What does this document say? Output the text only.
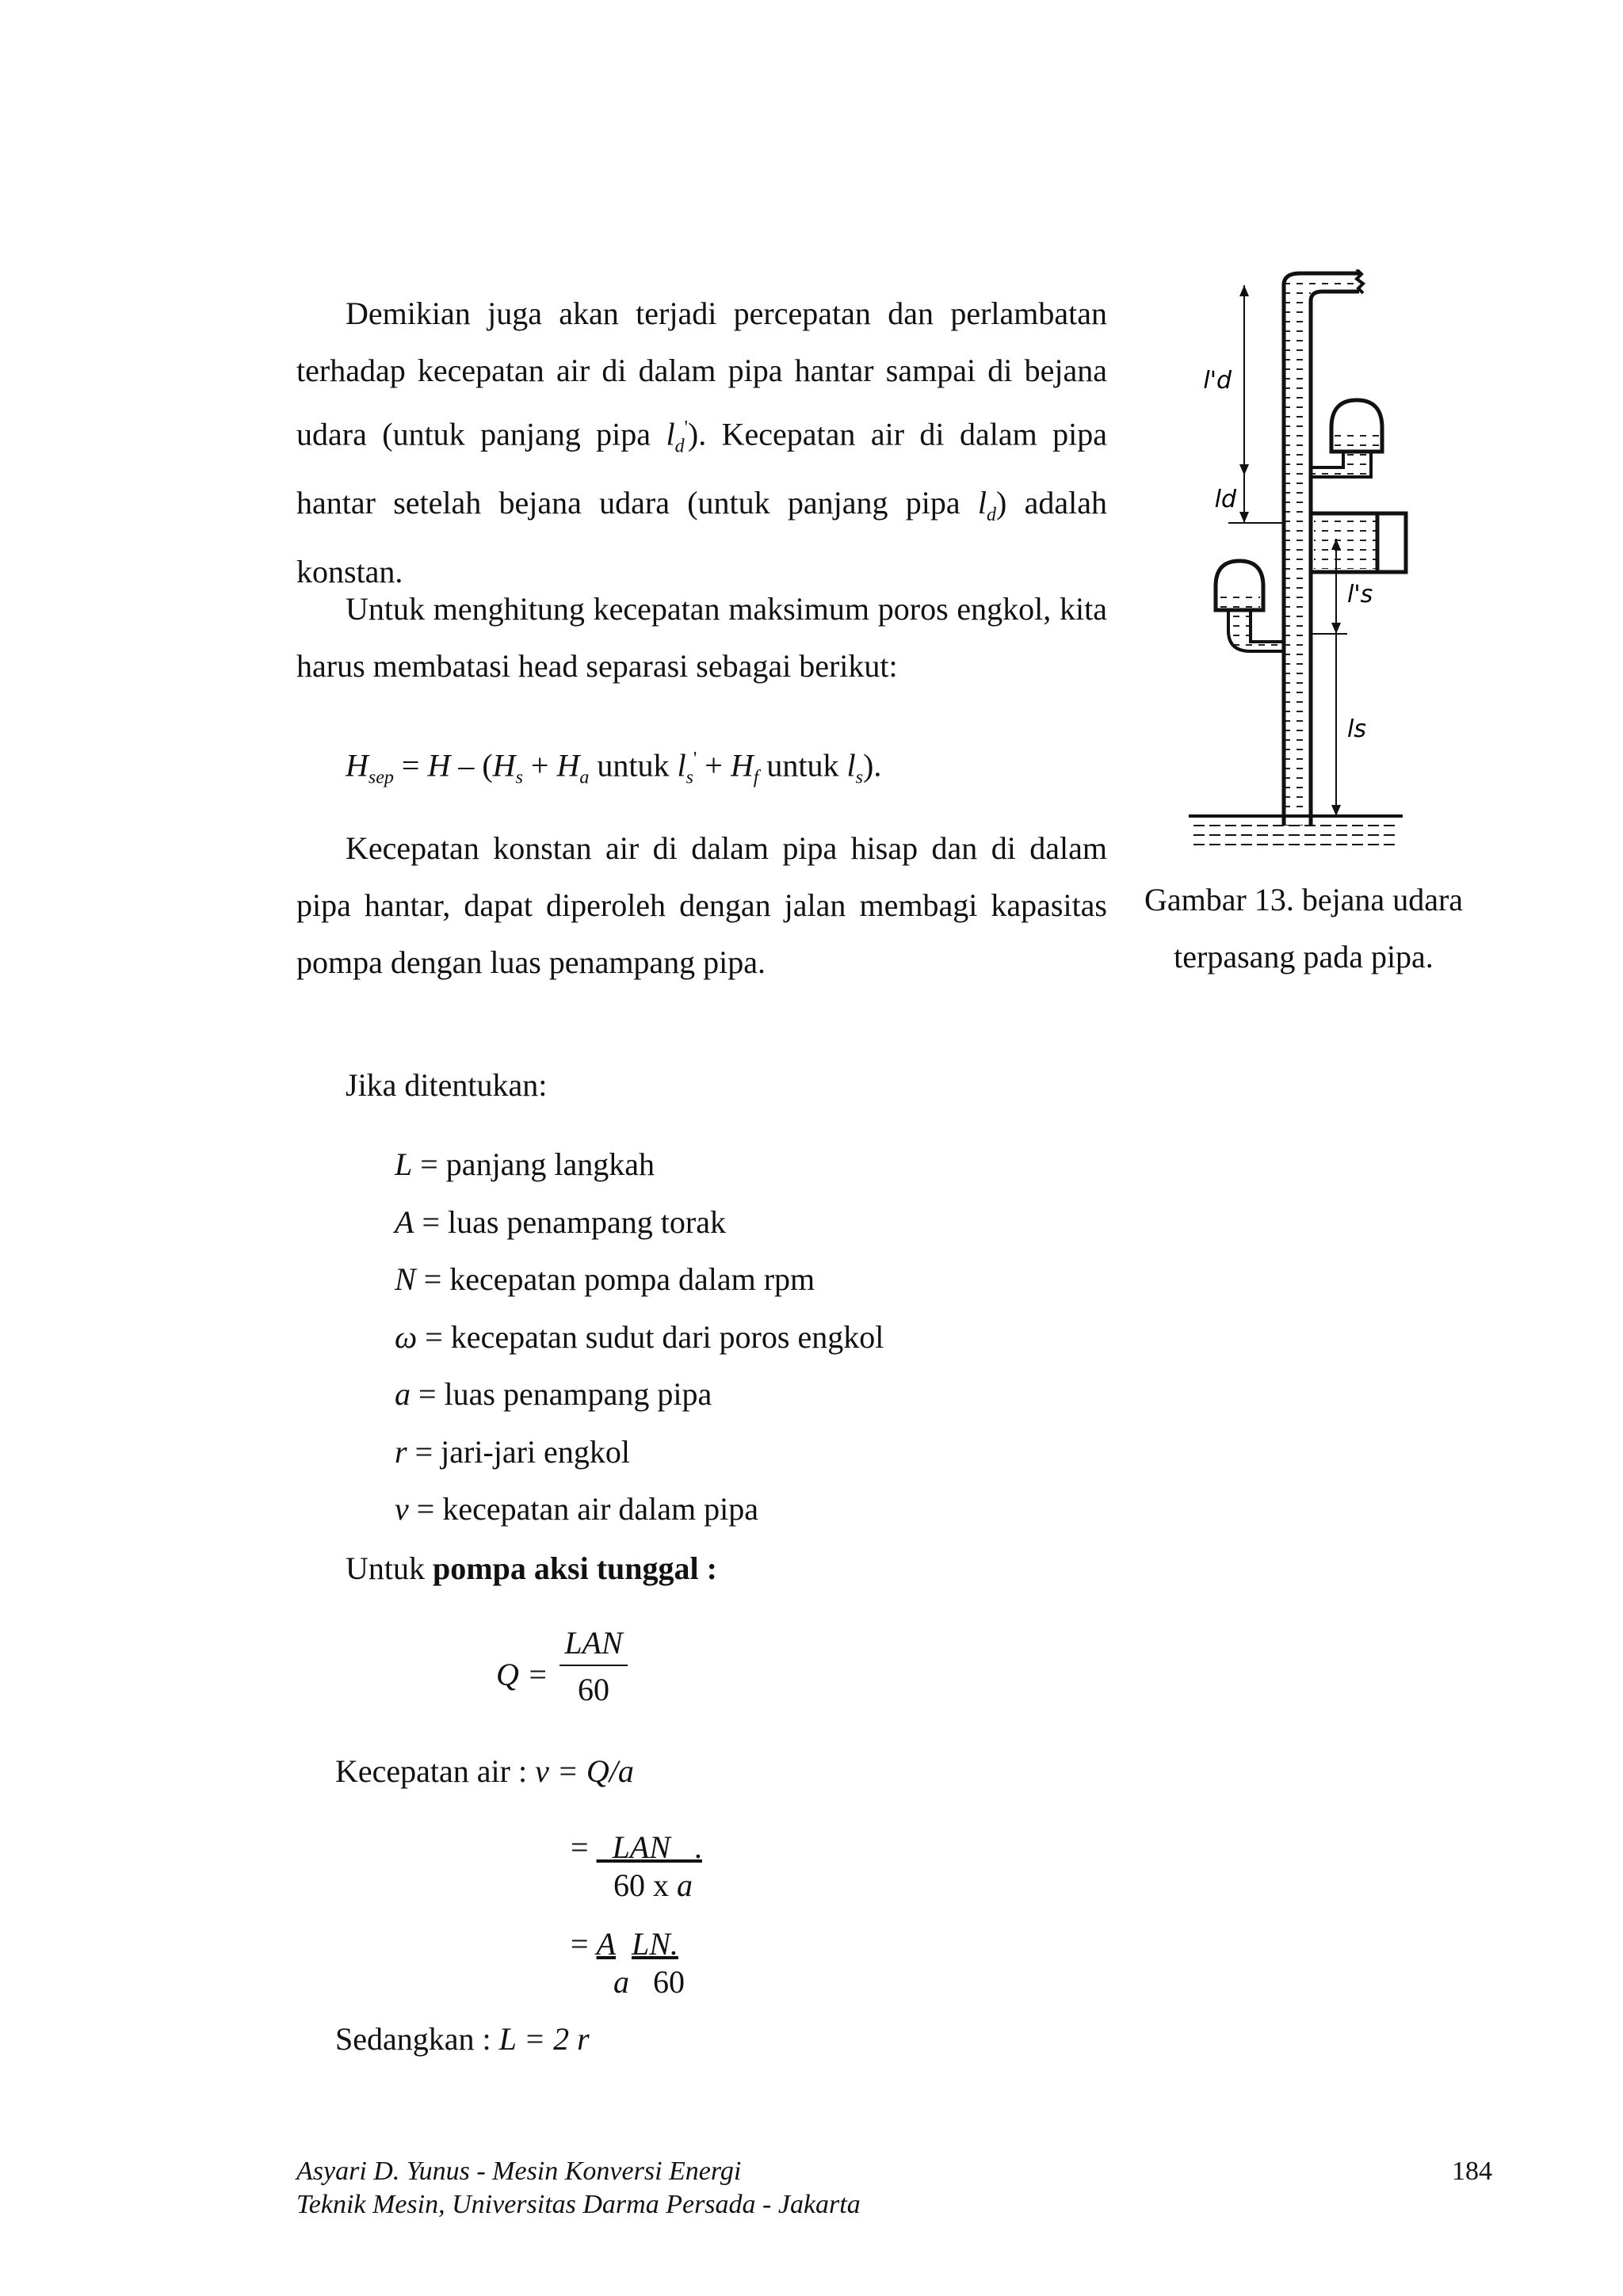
Demikian juga akan terjadi percepatan dan perlambatan terhadap kecepatan air di dalam pipa hantar sampai di bejana udara (untuk panjang pipa $l_d'$). Kecepatan air di dalam pipa hantar setelah bejana udara (untuk panjang pipa $l_d$) adalah konstan.
Untuk menghitung kecepatan maksimum poros engkol, kita harus membatasi head separasi sebagai berikut:
$H_{sep} = H - (H_s + H_a$ untuk $l_s' + H_f$ untuk $l_s$).
Kecepatan konstan air di dalam pipa hisap dan di dalam pipa hantar, dapat diperoleh dengan jalan membagi kapasitas pompa dengan luas penampang pipa.
l'd
ld
l's
ls
Gambar 13. bejana udara
terpasang pada pipa.
Jika ditentukan:
L = panjang langkah
A = luas penampang torak
N = kecepatan pompa dalam rpm
ω = kecepatan sudut dari poros engkol
a = luas penampang pipa
r = jari-jari engkol
v = kecepatan air dalam pipa
Untuk pompa aksi tunggal :
Q =
LAN
60
Kecepatan air : v = Q/a
= LAN .
60 x a
= A LN.
a 60
Sedangkan : L = 2 r
Asyari D. Yunus - Mesin Konversi Energi
Teknik Mesin, Universitas Darma Persada - Jakarta
184
